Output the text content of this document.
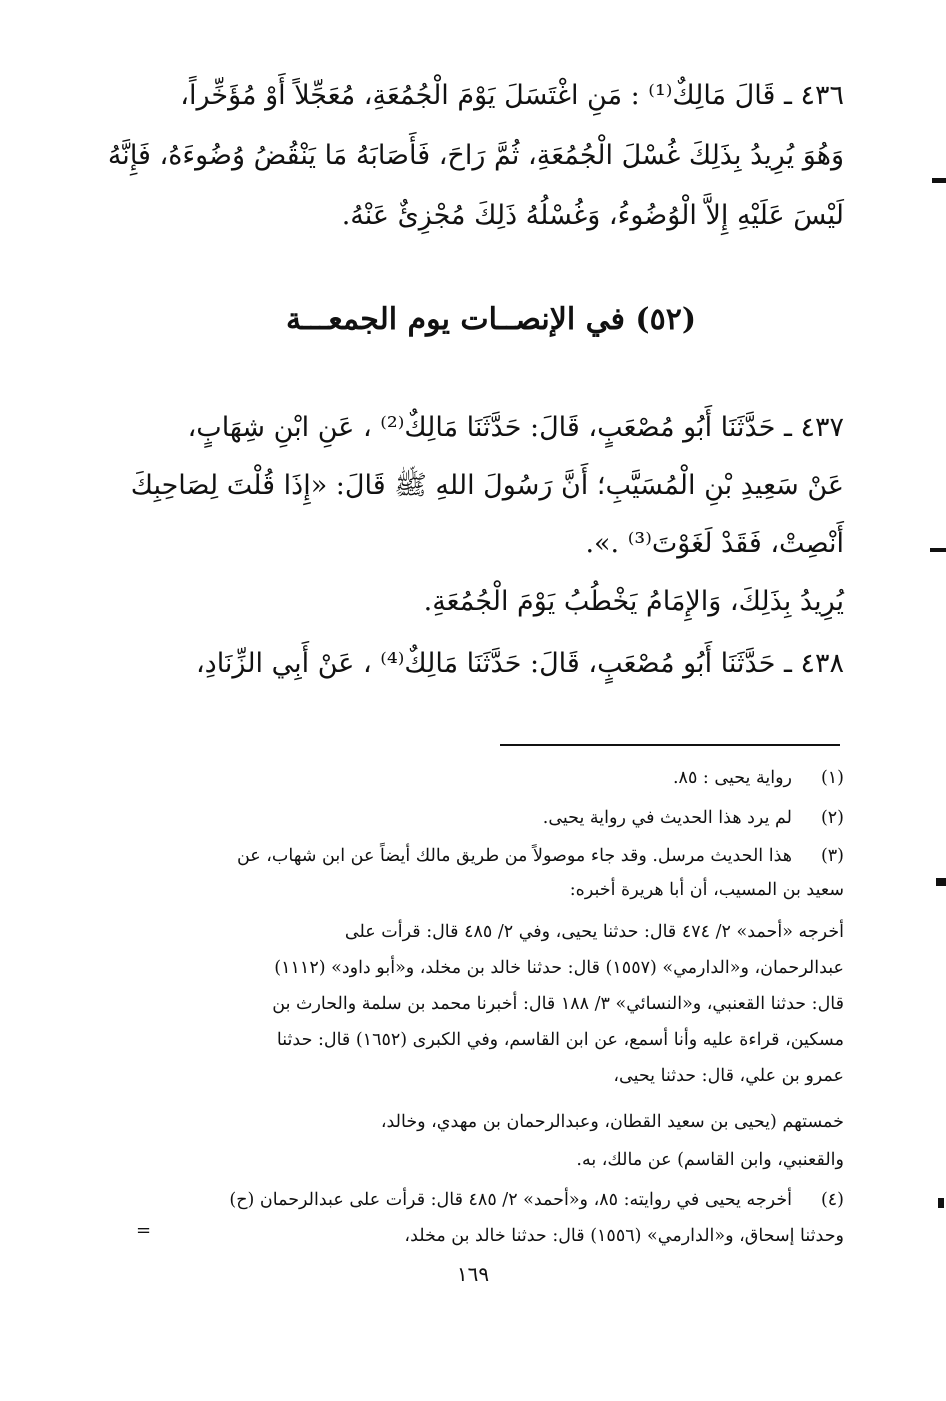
٤٣٦ ـ قَالَ مَالِكٌ⁽¹⁾ : مَنِ اغْتَسَلَ يَوْمَ الْجُمُعَةِ، مُعَجِّلاً أَوْ مُؤَخِّراً،
وَهُوَ يُرِيدُ بِذَلِكَ غُسْلَ الْجُمُعَةِ، ثُمَّ رَاحَ، فَأَصَابَهُ مَا يَنْقُضُ وُضُوءَهُ، فَإِنَّهُ
لَيْسَ عَلَيْهِ إِلاَّ الْوُضُوءُ، وَغُسْلُهُ ذَلِكَ مُجْزِئٌ عَنْهُ.
(٥٢) في الإنصــات يوم الجمعـــة
٤٣٧ ـ حَدَّثَنَا أَبُو مُصْعَبٍ، قَالَ: حَدَّثَنَا مَالِكٌ⁽²⁾ ، عَنِ ابْنِ شِهَابٍ،
عَنْ سَعِيدِ بْنِ الْمُسَيَّبِ؛ أَنَّ رَسُولَ اللهِ ﷺ قَالَ: «إِذَا قُلْتَ لِصَاحِبِكَ
أَنْصِتْ، فَقَدْ لَغَوْتَ⁽³⁾ .».
يُرِيدُ بِذَلِكَ، وَالإِمَامُ يَخْطُبُ يَوْمَ الْجُمُعَةِ.
٤٣٨ ـ حَدَّثَنَا أَبُو مُصْعَبٍ، قَالَ: حَدَّثَنَا مَالِكٌ⁽⁴⁾ ، عَنْ أَبِي الزِّنَادِ،
(١)
رواية يحيى : ٨٥.
(٢)
لم يرد هذا الحديث في رواية يحيى.
(٣)
هذا الحديث مرسل. وقد جاء موصولاً من طريق مالك أيضاً عن ابن شهاب، عن
سعيد بن المسيب، أن أبا هريرة أخبره:
أخرجه «أحمد» ٢/ ٤٧٤ قال: حدثنا يحيى، وفي ٢/ ٤٨٥ قال: قرأت على
عبدالرحمان، و«الدارمي» (١٥٥٧) قال: حدثنا خالد بن مخلد، و«أبو داود» (١١١٢)
قال: حدثنا القعنبي، و«النسائي» ٣/ ١٨٨ قال: أخبرنا محمد بن سلمة والحارث بن
مسكين، قراءة عليه وأنا أسمع، عن ابن القاسم، وفي الكبرى (١٦٥٢) قال: حدثنا
عمرو بن علي، قال: حدثنا يحيى،
خمستهم (يحيى بن سعيد القطان، وعبدالرحمان بن مهدي، وخالد،
والقعنبي، وابن القاسم) عن مالك، به.
(٤)
أخرجه يحيى في روايته: ٨٥، و«أحمد» ٢/ ٤٨٥ قال: قرأت على عبدالرحمان (ح)
وحدثنا إسحاق، و«الدارمي» (١٥٥٦) قال: حدثنا خالد بن مخلد،
=
١٦٩
